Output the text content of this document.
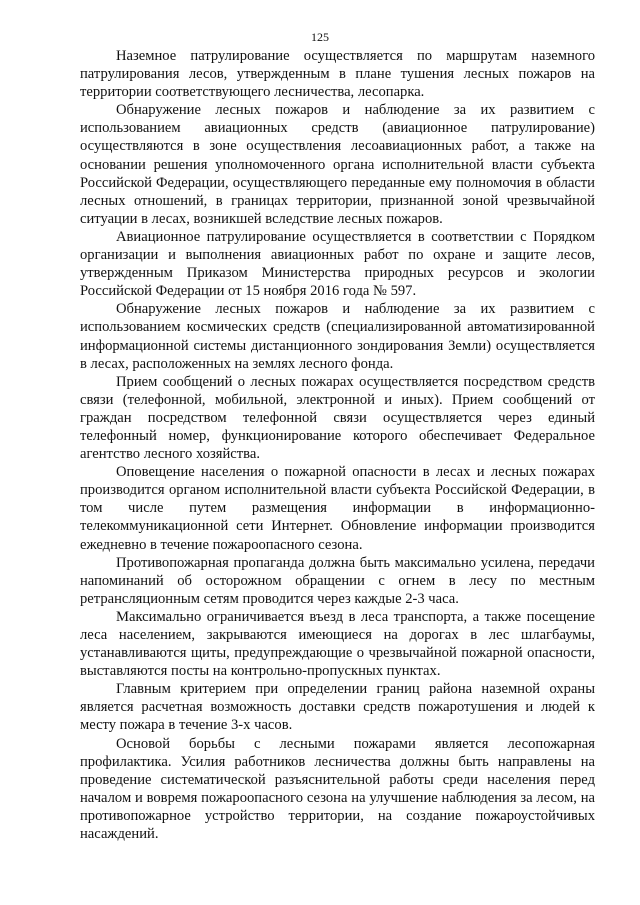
125

Наземное патрулирование осуществляется по маршрутам наземного патрулирования лесов, утвержденным в плане тушения лесных пожаров на территории соответствующего лесничества, лесопарка.

Обнаружение лесных пожаров и наблюдение за их развитием с использованием авиационных средств (авиационное патрулирование) осуществляются в зоне осуществления лесоавиационных работ, а также на основании решения уполномоченного органа исполнительной власти субъекта Российской Федерации, осуществляющего переданные ему полномочия в области лесных отношений, в границах территории, признанной зоной чрезвычайной ситуации в лесах, возникшей вследствие лесных пожаров.

Авиационное патрулирование осуществляется в соответствии с Порядком организации и выполнения авиационных работ по охране и защите лесов, утвержденным Приказом Министерства природных ресурсов и экологии Российской Федерации от 15 ноября 2016 года № 597.

Обнаружение лесных пожаров и наблюдение за их развитием с использованием космических средств (специализированной автоматизированной информационной системы дистанционного зондирования Земли) осуществляется в лесах, расположенных на землях лесного фонда.

Прием сообщений о лесных пожарах осуществляется посредством средств связи (телефонной, мобильной, электронной и иных). Прием сообщений от граждан посредством телефонной связи осуществляется через единый телефонный номер, функционирование которого обеспечивает Федеральное агентство лесного хозяйства.

Оповещение населения о пожарной опасности в лесах и лесных пожарах производится органом исполнительной власти субъекта Российской Федерации, в том числе путем размещения информации в информационно-телекоммуникационной сети Интернет. Обновление информации производится ежедневно в течение пожароопасного сезона.

Противопожарная пропаганда должна быть максимально усилена, передачи напоминаний об осторожном обращении с огнем в лесу по местным ретрансляционным сетям проводится через каждые 2-3 часа.

Максимально ограничивается въезд в леса транспорта, а также посещение леса населением, закрываются имеющиеся на дорогах в лес шлагбаумы, устанавливаются щиты, предупреждающие о чрезвычайной пожарной опасности, выставляются посты на контрольно-пропускных пунктах.

Главным критерием при определении границ района наземной охраны является расчетная возможность доставки средств пожаротушения и людей к месту пожара в течение 3-х часов.

Основой борьбы с лесными пожарами является лесопожарная профилактика. Усилия работников лесничества должны быть направлены на проведение систематической разъяснительной работы среди населения перед началом и вовремя пожароопасного сезона на улучшение наблюдения за лесом, на противопожарное устройство территории, на создание пожароустойчивых насаждений.
